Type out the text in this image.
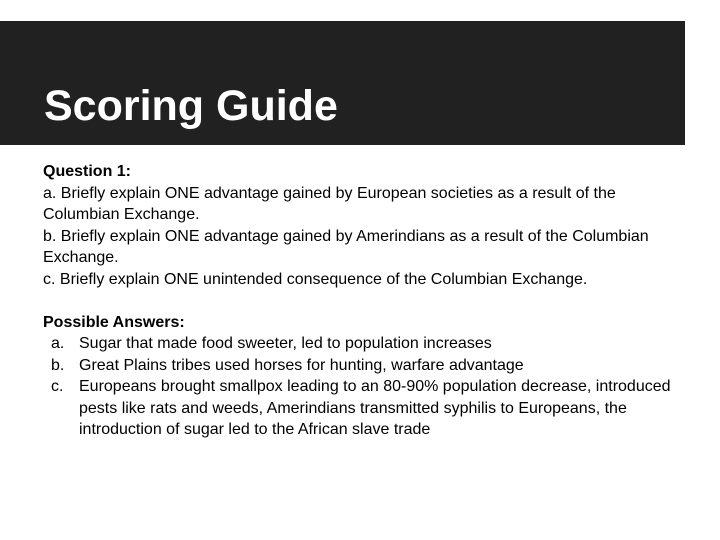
Scoring Guide
Question 1:
a. Briefly explain ONE advantage gained by European societies as a result of the Columbian Exchange.
b. Briefly explain ONE advantage gained by Amerindians as a result of the Columbian Exchange.
c. Briefly explain ONE unintended consequence of the Columbian Exchange.
Possible Answers:
a. Sugar that made food sweeter, led to population increases
b. Great Plains tribes used horses for hunting, warfare advantage
c. Europeans brought smallpox leading to an 80-90% population decrease, introduced pests like rats and weeds, Amerindians transmitted syphilis to Europeans, the introduction of sugar led to the African slave trade
